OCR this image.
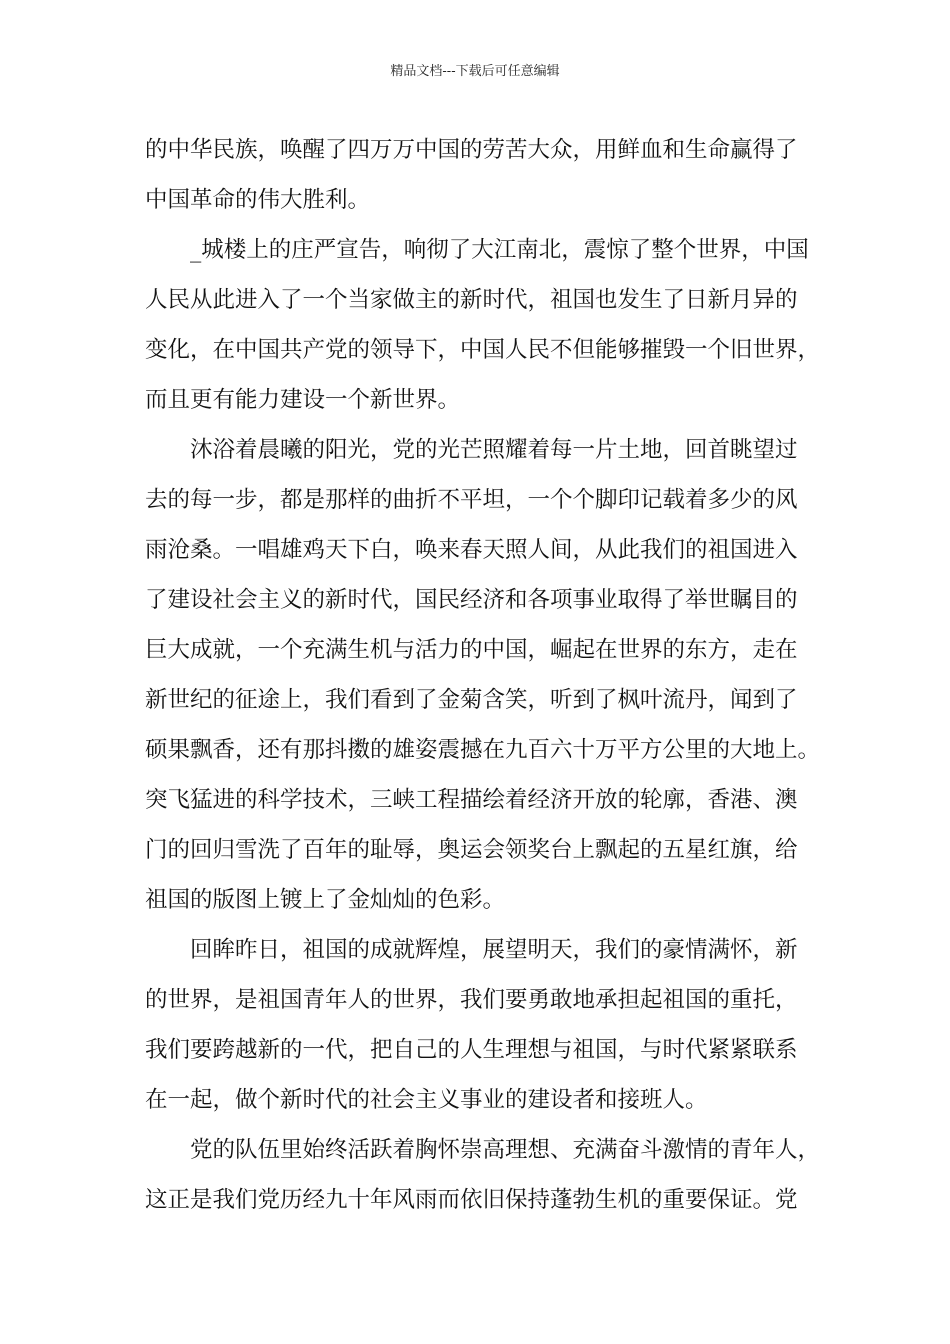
精品文档---下载后可任意编辑
的中华民族，唤醒了四万万中国的劳苦大众，用鲜血和生命赢得了
中国革命的伟大胜利。
_城楼上的庄严宣告，响彻了大江南北，震惊了整个世界，中国
人民从此进入了一个当家做主的新时代，祖国也发生了日新月异的
变化，在中国共产党的领导下，中国人民不但能够摧毁一个旧世界，
而且更有能力建设一个新世界。
沐浴着晨曦的阳光，党的光芒照耀着每一片土地，回首眺望过
去的每一步，都是那样的曲折不平坦，一个个脚印记载着多少的风
雨沧桑。一唱雄鸡天下白，唤来春天照人间，从此我们的祖国进入
了建设社会主义的新时代，国民经济和各项事业取得了举世瞩目的
巨大成就，一个充满生机与活力的中国，崛起在世界的东方，走在
新世纪的征途上，我们看到了金菊含笑，听到了枫叶流丹，闻到了
硕果飘香，还有那抖擞的雄姿震撼在九百六十万平方公里的大地上。
突飞猛进的科学技术，三峡工程描绘着经济开放的轮廓，香港、澳
门的回归雪洗了百年的耻辱，奥运会领奖台上飘起的五星红旗，给
祖国的版图上镀上了金灿灿的色彩。
回眸昨日，祖国的成就辉煌，展望明天，我们的豪情满怀，新
的世界，是祖国青年人的世界，我们要勇敢地承担起祖国的重托，
我们要跨越新的一代，把自己的人生理想与祖国，与时代紧紧联系
在一起，做个新时代的社会主义事业的建设者和接班人。
党的队伍里始终活跃着胸怀崇高理想、充满奋斗激情的青年人，
这正是我们党历经九十年风雨而依旧保持蓬勃生机的重要保证。党
